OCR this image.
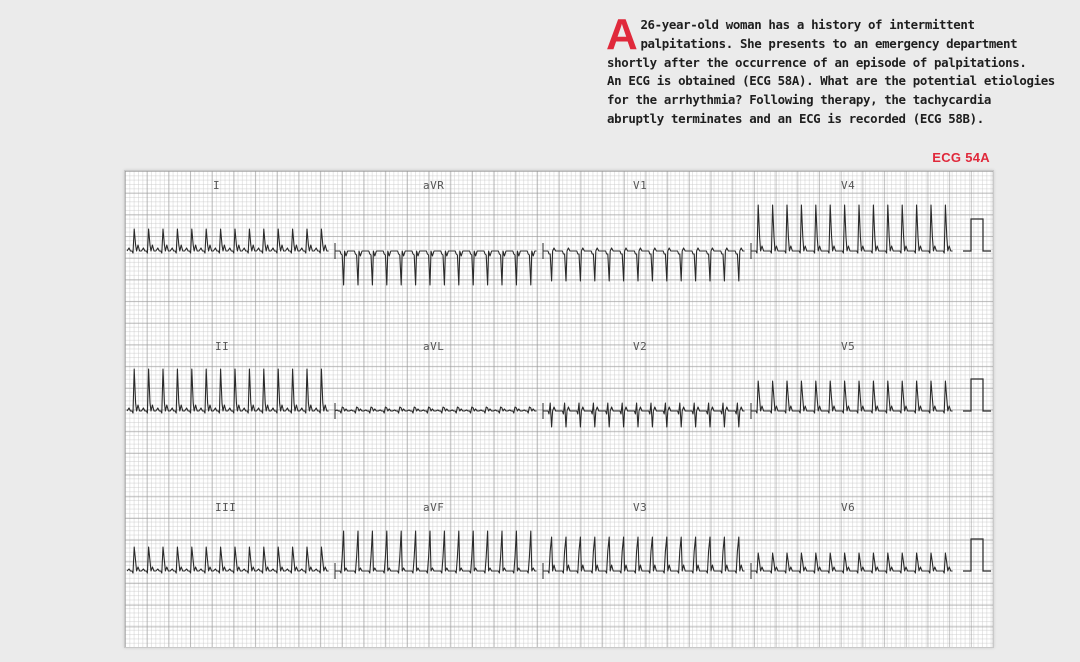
A 26-year-old woman has a history of intermittent
palpitations. She presents to an emergency department
shortly after the occurrence of an episode of palpitations.
An ECG is obtained (ECG 58A). What are the potential etiologies
for the arrhythmia? Following therapy, the tachycardia
abruptly terminates and an ECG is recorded (ECG 58B).
ECG 54A
I	aVR	V1	V4
II	aVL	V2	V5
III	aVF	V3	V6
